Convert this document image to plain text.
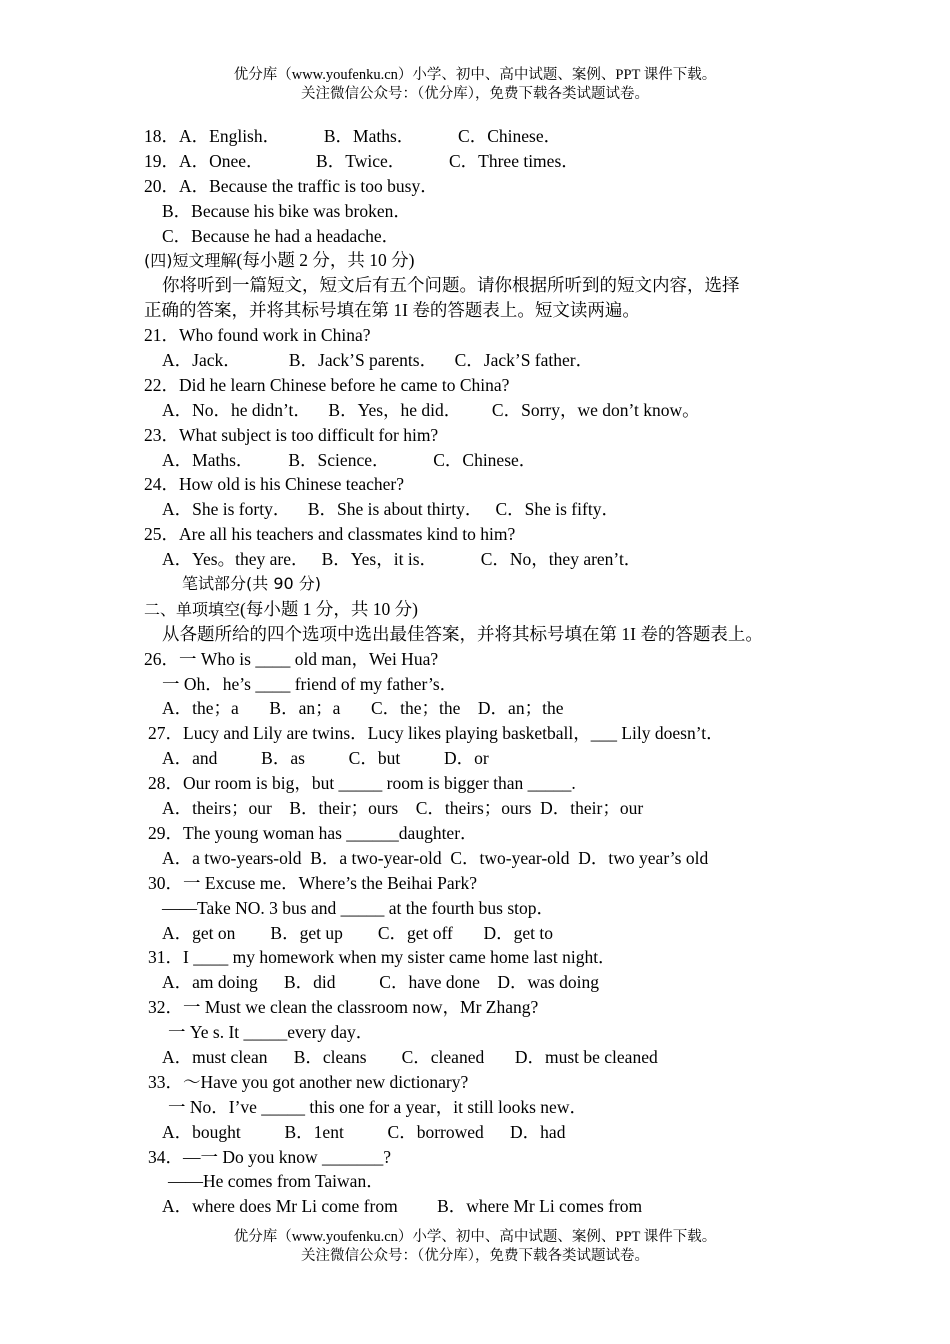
优分库（www.youfenku.cn）小学、初中、高中试题、案例、PPT 课件下载。
关注微信公众号：（优分库），免费下载各类试题试卷。
18．A．English．          B．Maths．          C．Chinese．
19．A．Onee．            B．Twice．          C．Three times．
20．A．Because the traffic is too busy．
B．Because his bike was broken．
C．Because he had a headache．
(四)短文理解(每小题 2 分，共 10 分)
你将听到一篇短文，短文后有五个问题。请你根据所听到的短文内容，选择
正确的答案，并将其标号填在第 1I 卷的答题表上。短文读两遍。
21．Who found work in China?
A．Jack．           B．Jack’S parents．    C．Jack’S father．
22．Did he learn Chinese before he came to China?
A．No．he didn’t．    B．Yes，he did．       C．Sorry，we don’t know。
23．What subject is too difficult for him?
A．Maths．        B．Science．          C．Chinese．
24．How old is his Chinese teacher?
A．She is forty．    B．She is about thirty．   C．She is fifty．
25．Are all his teachers and classmates kind to him?
A．Yes。they are．   B．Yes，it is．          C．No，they aren’t．
笔试部分(共 90 分)
二、单项填空(每小题 1 分，共 10 分)
从各题所给的四个选项中选出最佳答案，并将其标号填在第 1I 卷的答题表上。
26．一 Who is ____ old man，Wei Hua?
一 Oh．he’s ____ friend of my father’s．
A．the；a       B．an；a       C．the；the    D．an；the
27．Lucy and Lily are twins．Lucy likes playing basketball，___ Lily doesn’t．
A．and          B．as          C．but          D．or
28．Our room is big，but _____ room is bigger than _____.
A．theirs；our    B．their；ours    C．theirs；ours  D．their；our
29．The young woman has ______daughter．
A．a two-years-old  B．a two-year-old  C．two-year-old  D．two year’s old
30．一 Excuse me．Where’s the Beihai Park?
——Take NO. 3 bus and _____ at the fourth bus stop．
A．get on        B．get up        C．get off       D．get to
31．I ____ my homework when my sister came home last night．
A．am doing      B．did          C．have done    D．was doing
32．一 Must we clean the classroom now，Mr Zhang?
一 Ye s. It _____every day．
A．must clean      B．cleans        C．cleaned       D．must be cleaned
33．～Have you got another new dictionary?
一 No．I’ve _____ this one for a year，it still looks new．
A．bought          B．1ent          C．borrowed      D．had
34．—一 Do you know _______?
——He comes from Taiwan．
A．where does Mr Li come from         B．where Mr Li comes from
优分库（www.youfenku.cn）小学、初中、高中试题、案例、PPT 课件下载。
关注微信公众号：（优分库），免费下载各类试题试卷。
